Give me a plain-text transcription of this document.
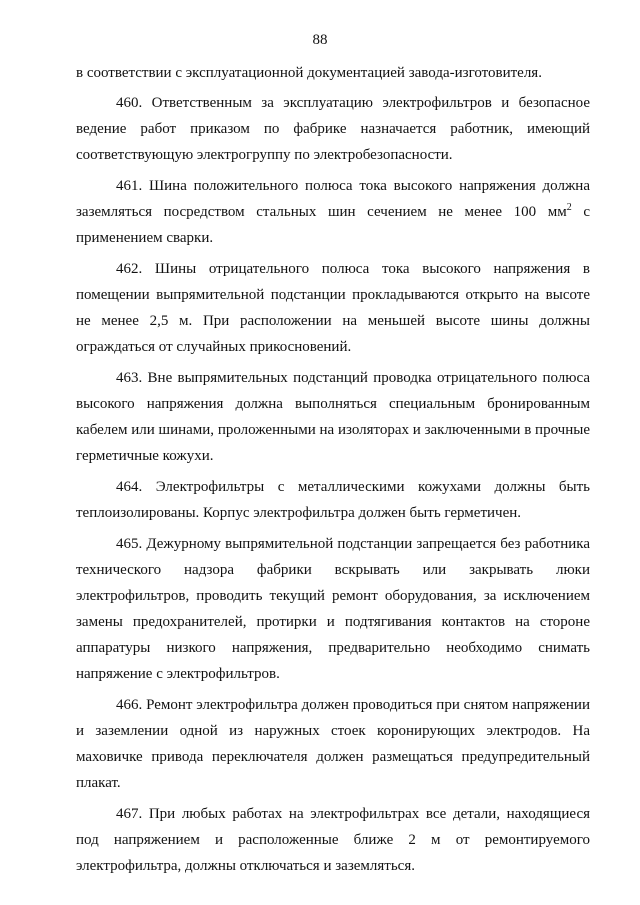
88

в соответствии с эксплуатационной документацией завода-изготовителя.

460. Ответственным за эксплуатацию электрофильтров и безопасное ведение работ приказом по фабрике назначается работник, имеющий соответствующую электрогруппу по электробезопасности.

461. Шина положительного полюса тока высокого напряжения должна заземляться посредством стальных шин сечением не менее 100 $мм^2$ с применением сварки.

462. Шины отрицательного полюса тока высокого напряжения в помещении выпрямительной подстанции прокладываются открыто на высоте не менее 2,5 м. При расположении на меньшей высоте шины должны ограждаться от случайных прикосновений.

463. Вне выпрямительных подстанций проводка отрицательного полюса высокого напряжения должна выполняться специальным бронированным кабелем или шинами, проложенными на изоляторах и заключенными в прочные герметичные кожухи.

464. Электрофильтры с металлическими кожухами должны быть теплоизолированы. Корпус электрофильтра должен быть герметичен.

465. Дежурному выпрямительной подстанции запрещается без работника технического надзора фабрики вскрывать или закрывать люки электрофильтров, проводить текущий ремонт оборудования, за исключением замены предохранителей, протирки и подтягивания контактов на стороне аппаратуры низкого напряжения, предварительно необходимо снимать напряжение с электрофильтров.

466. Ремонт электрофильтра должен проводиться при снятом напряжении и заземлении одной из наружных стоек коронирующих электродов. На маховичке привода переключателя должен размещаться предупредительный плакат.

467. При любых работах на электрофильтрах все детали, находящиеся под напряжением и расположенные ближе 2 м от ремонтируемого электрофильтра, должны отключаться и заземляться.
